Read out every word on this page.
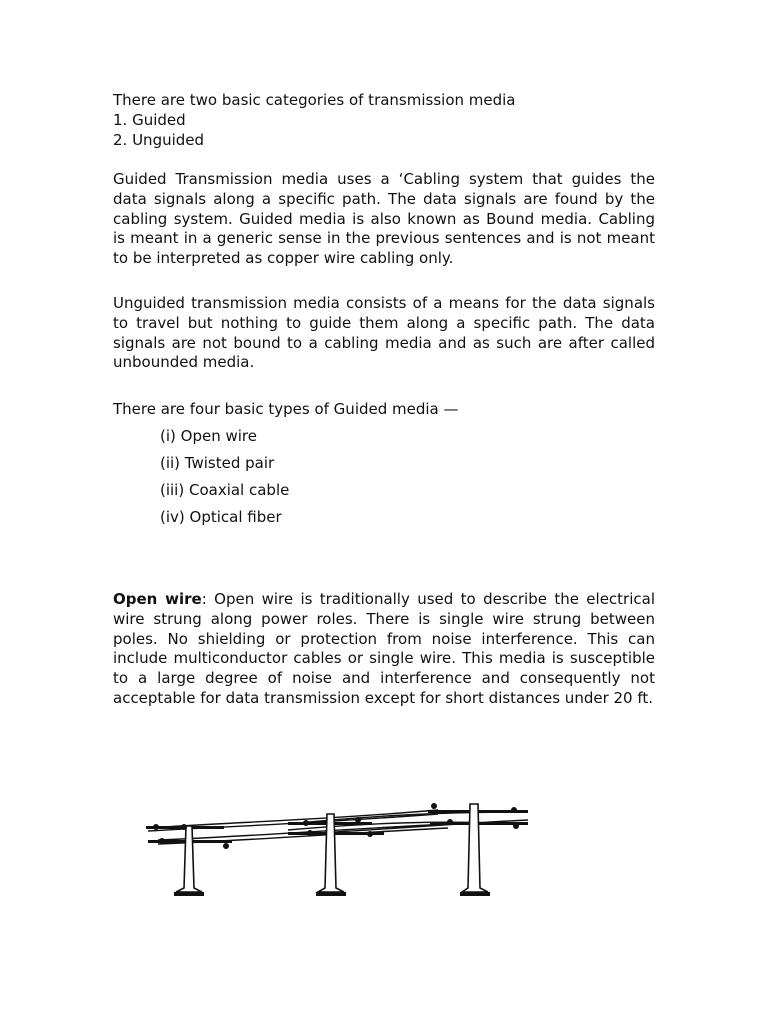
There are two basic categories of transmission media

1. Guided

2. Unguided

Guided Transmission media uses a ‘Cabling system that guides the data signals along a specific path. The data signals are found by the cabling system. Guided media is also known as Bound media. Cabling is meant in a generic sense in the previous sentences and is not meant to be interpreted as copper wire cabling only.

Unguided transmission media consists of a means for the data signals to travel but nothing to guide them along a specific path. The data signals are not bound to a cabling media and as such are after called unbounded media.

There are four basic types of Guided media —

(i) Open wire

(ii) Twisted pair

(iii) Coaxial cable

(iv) Optical fiber

Open wire: Open wire is traditionally used to describe the electrical wire strung along power roles. There is single wire strung between poles. No shielding or protection from noise interference. This can include multiconductor cables or single wire. This media is susceptible to a large degree of noise and interference and consequently not acceptable for data transmission except for short distances under 20 ft.
